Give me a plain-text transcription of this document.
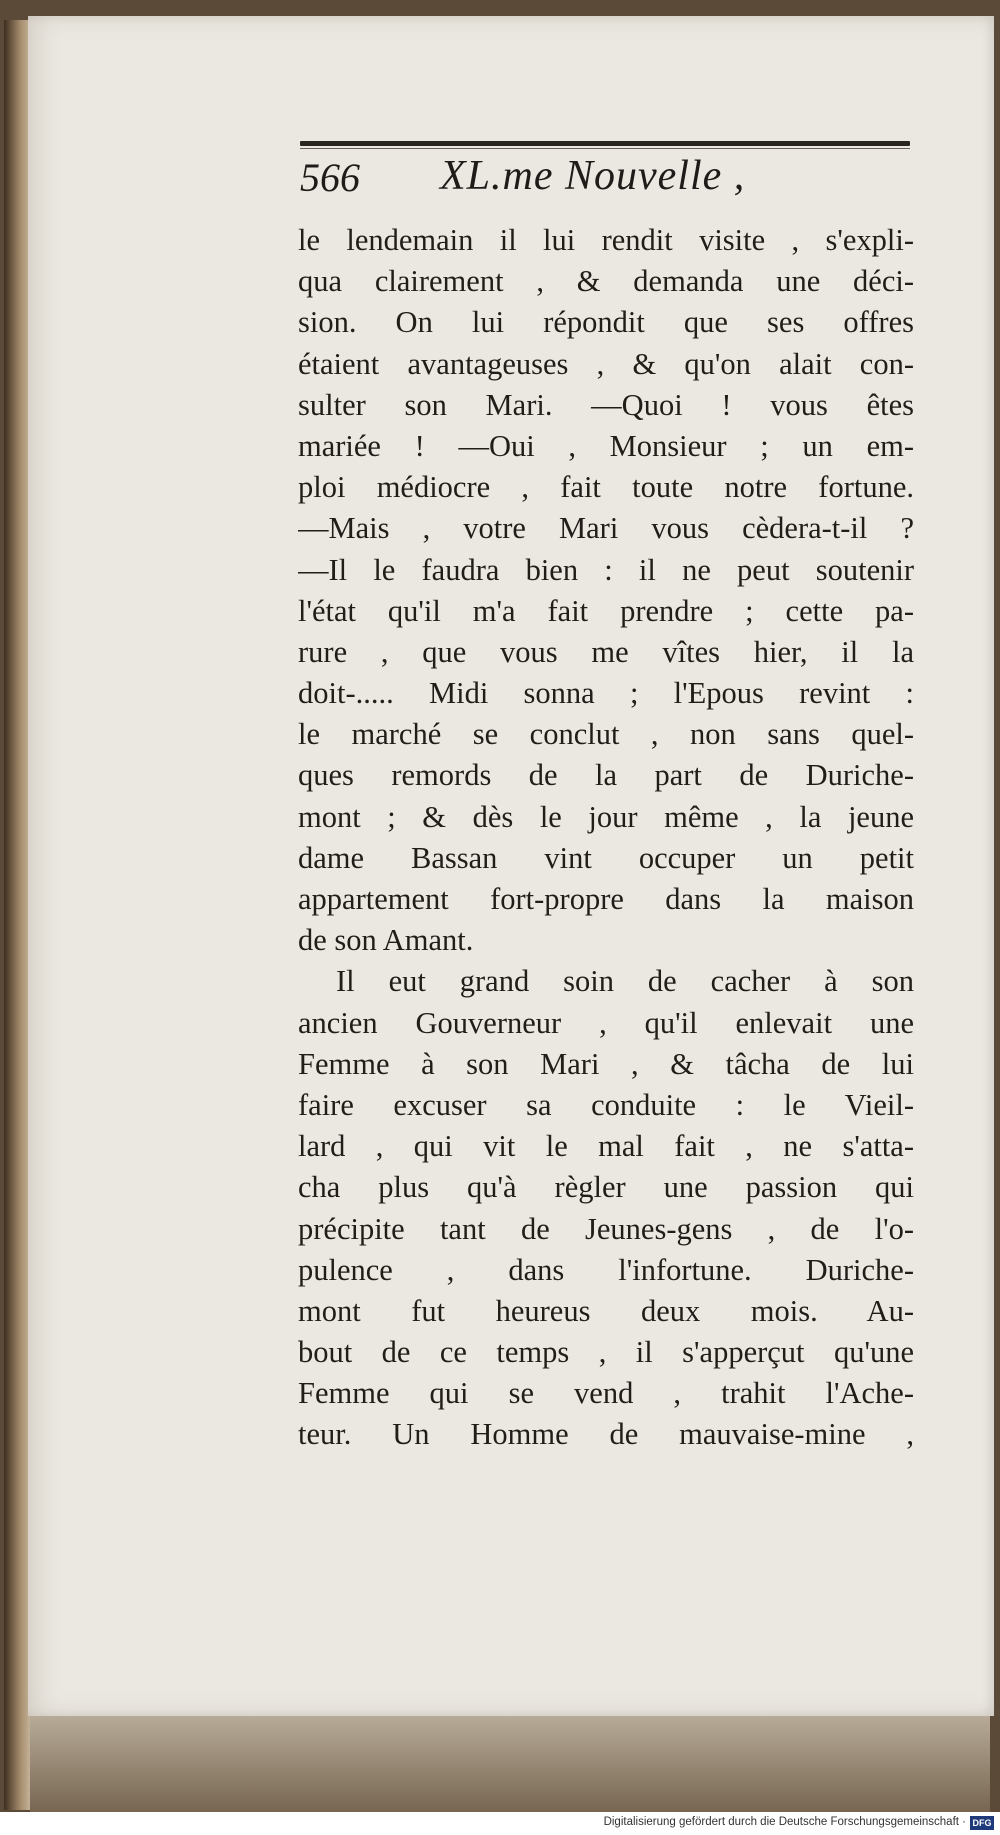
566 XL.me Nouvelle ,
le lendemain il lui rendit visite , s'expli-
qua clairement , & demanda une déci-
sion. On lui répondit que ses offres
étaient avantageuses , & qu'on alait con-
sulter son Mari. —Quoi ! vous êtes
mariée ! —Oui , Monsieur ; un em-
ploi médiocre , fait toute notre fortune.
—Mais , votre Mari vous cèdera-t-il ?
—Il le faudra bien : il ne peut soutenir
l'état qu'il m'a fait prendre ; cette pa-
rure , que vous me vîtes hier, il la
doit-..... Midi sonna ; l'Epous revint :
le marché se conclut , non sans quel-
ques remords de la part de Duriche-
mont ; & dès le jour même , la jeune
dame Bassan vint occuper un petit
appartement fort-propre dans la maison
de son Amant.
Il eut grand soin de cacher à son
ancien Gouverneur , qu'il enlevait une
Femme à son Mari , & tâcha de lui
faire excuser sa conduite : le Vieil-
lard , qui vit le mal fait , ne s'atta-
cha plus qu'à règler une passion qui
précipite tant de Jeunes-gens , de l'o-
pulence , dans l'infortune. Duriche-
mont fut heureus deux mois. Au-
bout de ce temps , il s'apperçut qu'une
Femme qui se vend , trahit l'Ache-
teur. Un Homme de mauvaise-mine ,
Digitalisierung gefördert durch die Deutsche Forschungsgemeinschaft · DFG
